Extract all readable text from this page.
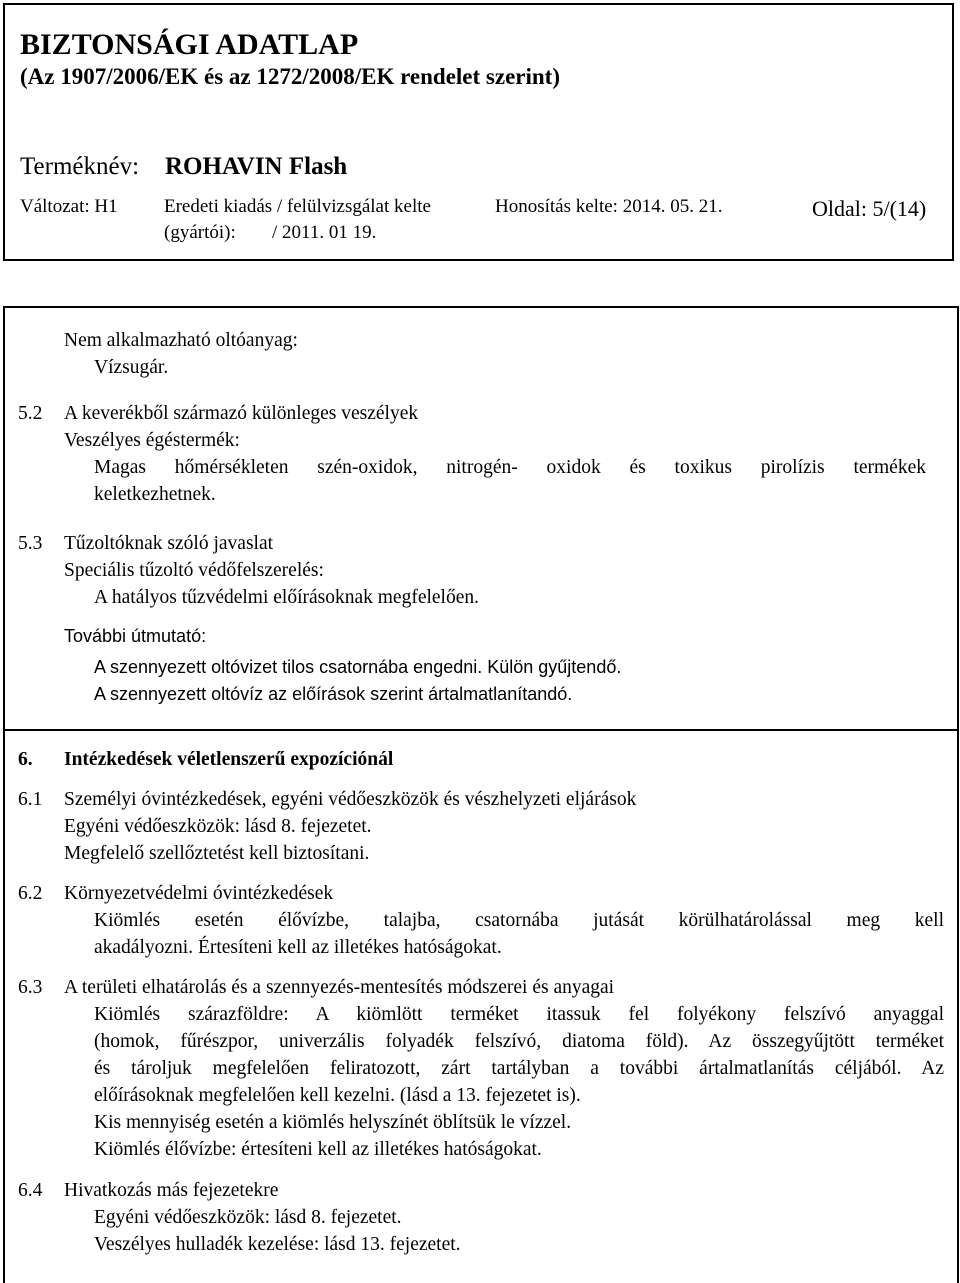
BIZTONSÁGI ADATLAP
(Az 1907/2006/EK és az 1272/2008/EK rendelet szerint)
Terméknév: ROHAVIN Flash
Változat: H1 Eredeti kiadás / felülvizsgálat kelte
(gyártói): / 2011. 01 19.
Honosítás kelte: 2014. 05. 21.	Oldal: 5/(14)
Nem alkalmazható oltóanyag:
Vízsugár.
5.2 A keverékből származó különleges veszélyek
Veszélyes égéstermék:
Magas hőmérsékleten szén-oxidok, nitrogén- oxidok és toxikus pirolízis termékek
keletkezhetnek.
5.3 Tűzoltóknak szóló javaslat
Speciális tűzoltó védőfelszerelés:
A hatályos tűzvédelmi előírásoknak megfelelően.
További útmutató:
A szennyezett oltóvizet tilos csatornába engedni. Külön gyűjtendő.
A szennyezett oltóvíz az előírások szerint ártalmatlanítandó.
6. Intézkedések véletlenszerű expozíciónál
6.1 Személyi óvintézkedések, egyéni védőeszközök és vészhelyzeti eljárások
Egyéni védőeszközök: lásd 8. fejezetet.
Megfelelő szellőztetést kell biztosítani.
6.2 Környezetvédelmi óvintézkedések
Kiömlés esetén élővízbe, talajba, csatornába jutását körülhatárolással meg kell
akadályozni. Értesíteni kell az illetékes hatóságokat.
6.3 A területi elhatárolás és a szennyezés-mentesítés módszerei és anyagai
Kiömlés szárazföldre: A kiömlött terméket itassuk fel folyékony felszívó anyaggal
(homok, fűrészpor, univerzális folyadék felszívó, diatoma föld). Az összegyűjtött terméket
és tároljuk megfelelően feliratozott, zárt tartályban a további ártalmatlanítás céljából. Az
előírásoknak megfelelően kell kezelni. (lásd a 13. fejezetet is).
Kis mennyiség esetén a kiömlés helyszínét öblítsük le vízzel.
Kiömlés élővízbe: értesíteni kell az illetékes hatóságokat.
6.4 Hivatkozás más fejezetekre
Egyéni védőeszközök: lásd 8. fejezetet.
Veszélyes hulladék kezelése: lásd 13. fejezetet.
